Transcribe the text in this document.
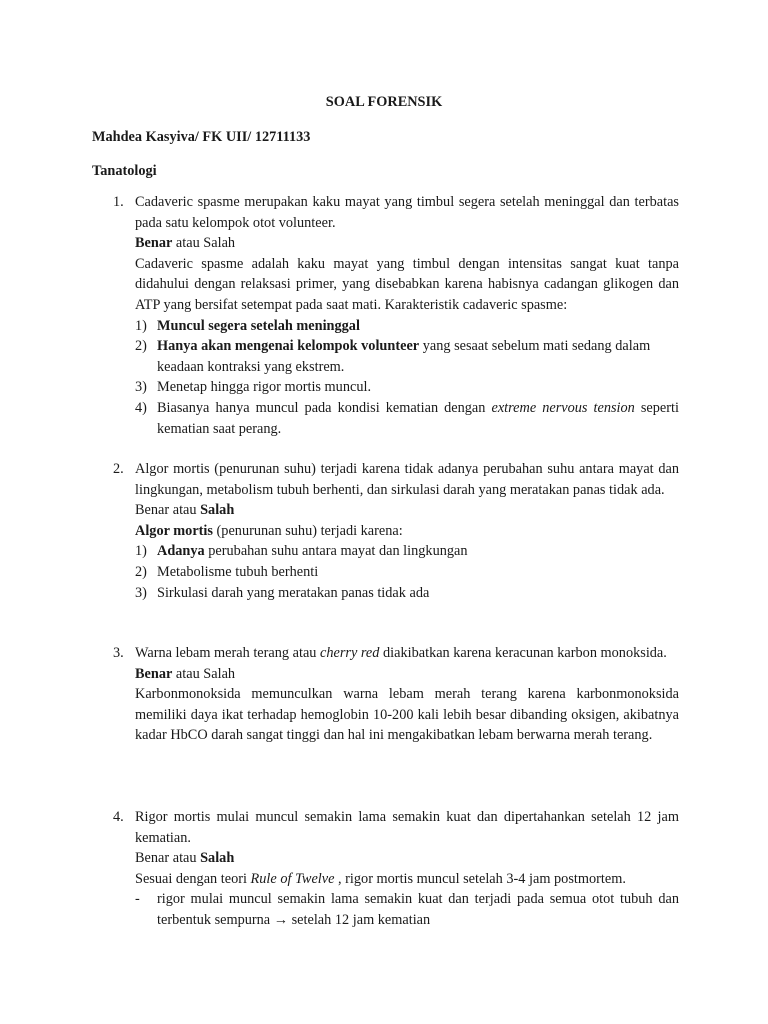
SOAL FORENSIK
Mahdea Kasyiva/ FK UII/ 12711133
Tanatologi
1. Cadaveric spasme merupakan kaku mayat yang timbul segera setelah meninggal dan terbatas pada satu kelompok otot volunteer.

Benar atau Salah

Cadaveric spasme adalah kaku mayat yang timbul dengan intensitas sangat kuat tanpa didahului dengan relaksasi primer, yang disebabkan karena habisnya cadangan glikogen dan ATP yang bersifat setempat pada saat mati. Karakteristik cadaveric spasme:

1) Muncul segera setelah meninggal
2) Hanya akan mengenai kelompok volunteer yang sesaat sebelum mati sedang dalam keadaan kontraksi yang ekstrem.
3) Menetap hingga rigor mortis muncul.
4) Biasanya hanya muncul pada kondisi kematian dengan extreme nervous tension seperti kematian saat perang.
2. Algor mortis (penurunan suhu) terjadi karena tidak adanya perubahan suhu antara mayat dan lingkungan, metabolism tubuh berhenti, dan sirkulasi darah yang meratakan panas tidak ada.

Benar atau Salah

Algor mortis (penurunan suhu) terjadi karena:

1) Adanya perubahan suhu antara mayat dan lingkungan
2) Metabolisme tubuh berhenti
3) Sirkulasi darah yang meratakan panas tidak ada
3. Warna lebam merah terang atau cherry red diakibatkan karena keracunan karbon monoksida.

Benar atau Salah

Karbonmonoksida memunculkan warna lebam merah terang karena karbonmonoksida memiliki daya ikat terhadap hemoglobin 10-200 kali lebih besar dibanding oksigen, akibatnya kadar HbCO darah sangat tinggi dan hal ini mengakibatkan lebam berwarna merah terang.

4. Rigor mortis mulai muncul semakin lama semakin kuat dan dipertahankan setelah 12 jam kematian.

Benar atau Salah

Sesuai dengan teori Rule of Twelve , rigor mortis muncul setelah 3-4 jam postmortem.

- rigor mulai muncul semakin lama semakin kuat dan terjadi pada semua otot tubuh dan terbentuk sempurna → setelah 12 jam kematian
